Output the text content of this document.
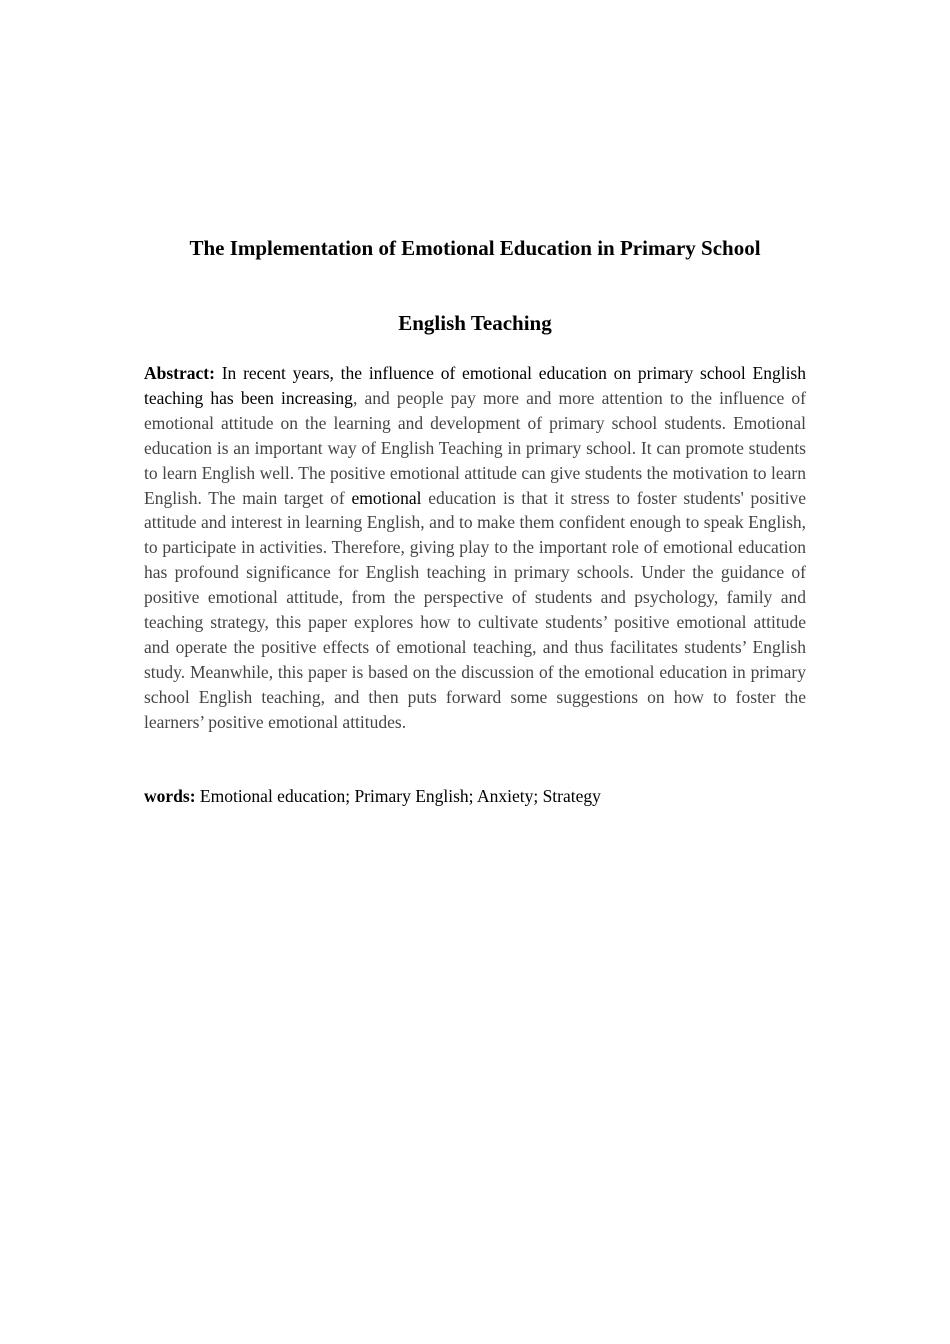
The Implementation of Emotional Education in Primary School
English Teaching

Abstract: In recent years, the influence of emotional education on primary school English teaching has been increasing, and people pay more and more attention to the influence of emotional attitude on the learning and development of primary school students. Emotional education is an important way of English Teaching in primary school. It can promote students to learn English well. The positive emotional attitude can give students the motivation to learn English. The main target of emotional education is that it stress to foster students' positive attitude and interest in learning English, and to make them confident enough to speak English, to participate in activities. Therefore, giving play to the important role of emotional education has profound significance for English teaching in primary schools. Under the guidance of positive emotional attitude, from the perspective of students and psychology, family and teaching strategy, this paper explores how to cultivate students’ positive emotional attitude and operate the positive effects of emotional teaching, and thus facilitates students’ English study. Meanwhile, this paper is based on the discussion of the emotional education in primary school English teaching, and then puts forward some suggestions on how to foster the learners’ positive emotional attitudes.

words: Emotional education; Primary English; Anxiety; Strategy
